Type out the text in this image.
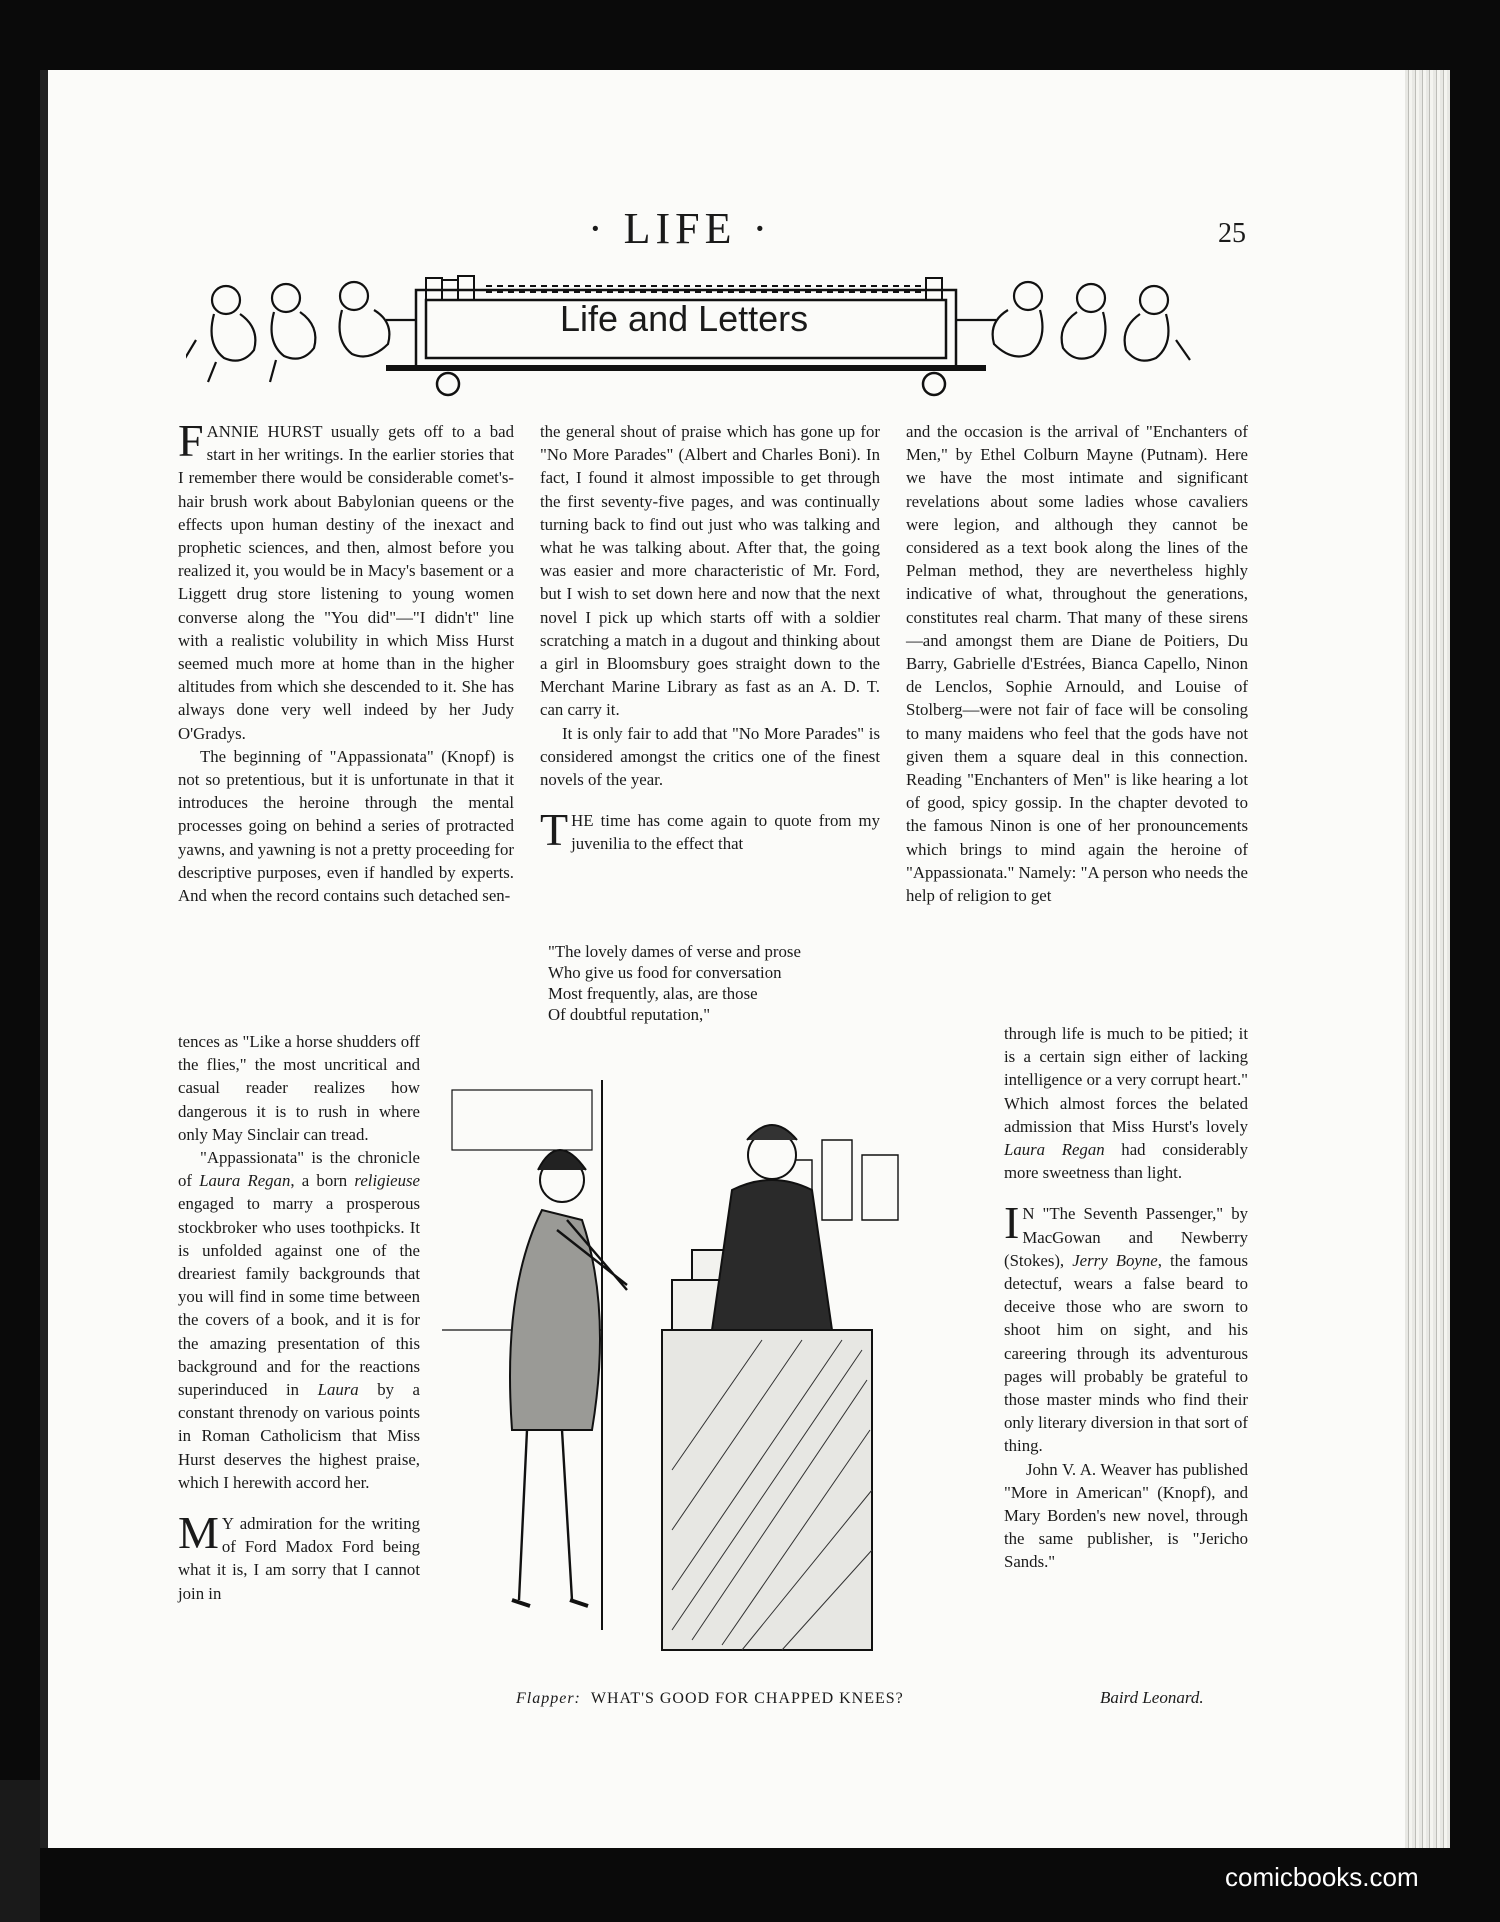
· LIFE ·	25
Life and Letters

FANNIE HURST usually gets off to a bad start in her writings. In the earlier stories that I remember there would be considerable comet's-hair brush work about Babylonian queens or the effects upon human destiny of the inexact and prophetic sciences, and then, almost before you realized it, you would be in Macy's basement or a Liggett drug store listening to young women converse along the "You did"—"I didn't" line with a realistic volubility in which Miss Hurst seemed much more at home than in the higher altitudes from which she descended to it. She has always done very well indeed by her Judy O'Gradys.

The beginning of "Appassionata" (Knopf) is not so pretentious, but it is unfortunate in that it introduces the heroine through the mental processes going on behind a series of protracted yawns, and yawning is not a pretty proceeding for descriptive purposes, even if handled by experts. And when the record contains such detached sen-

tences as "Like a horse shudders off the flies," the most uncritical and casual reader realizes how dangerous it is to rush in where only May Sinclair can tread.

"Appassionata" is the chronicle of Laura Regan, a born religieuse engaged to marry a prosperous stockbroker who uses toothpicks. It is unfolded against one of the dreariest family backgrounds that you will find in some time between the covers of a book, and it is for the amazing presentation of this background and for the reactions superinduced in Laura by a constant threnody on various points in Roman Catholicism that Miss Hurst deserves the highest praise, which I herewith accord her.

M Y admiration for the writing of Ford Madox Ford being what it is, I am sorry that I cannot join in

the general shout of praise which has gone up for "No More Parades" (Albert and Charles Boni). In fact, I found it almost impossible to get through the first seventy-five pages, and was continually turning back to find out just who was talking and what he was talking about. After that, the going was easier and more characteristic of Mr. Ford, but I wish to set down here and now that the next novel I pick up which starts off with a soldier scratching a match in a dugout and thinking about a girl in Bloomsbury goes straight down to the Merchant Marine Library as fast as an A. D. T. can carry it.

It is only fair to add that "No More Parades" is considered amongst the critics one of the finest novels of the year.

THE time has come again to quote from my juvenilia to the effect that

"The lovely dames of verse and prose
Who give us food for conversation
Most frequently, alas, are those
Of doubtful reputation,"

and the occasion is the arrival of "Enchanters of Men," by Ethel Colburn Mayne (Putnam). Here we have the most intimate and significant revelations about some ladies whose cavaliers were legion, and although they cannot be considered as a text book along the lines of the Pelman method, they are nevertheless highly indicative of what, throughout the generations, constitutes real charm. That many of these sirens —and amongst them are Diane de Poitiers, Du Barry, Gabrielle d'Estrées, Bianca Capello, Ninon de Lenclos, Sophie Arnould, and Louise of Stolberg—were not fair of face will be consoling to many maidens who feel that the gods have not given them a square deal in this connection. Reading "Enchanters of Men" is like hearing a lot of good, spicy gossip. In the chapter devoted to the famous Ninon is one of her pronouncements which brings to mind again the heroine of "Appassionata." Namely: "A person who needs the help of religion to get

through life is much to be pitied; it is a certain sign either of lacking intelligence or a very corrupt heart." Which almost forces the belated admission that Miss Hurst's lovely Laura Regan had considerably more sweetness than light.

I N "The Seventh Passenger," by MacGowan and Newberry (Stokes), Jerry Boyne, the famous detectuf, wears a false beard to deceive those who are sworn to shoot him on sight, and his careering through its adventurous pages will probably be grateful to those master minds who find their only literary diversion in that sort of thing.

John V. A. Weaver has published "More in American" (Knopf), and Mary Borden's new novel, through the same publisher, is "Jericho Sands."

Baird Leonard.
Flapper: WHAT'S GOOD FOR CHAPPED KNEES?
comicbooks.com
